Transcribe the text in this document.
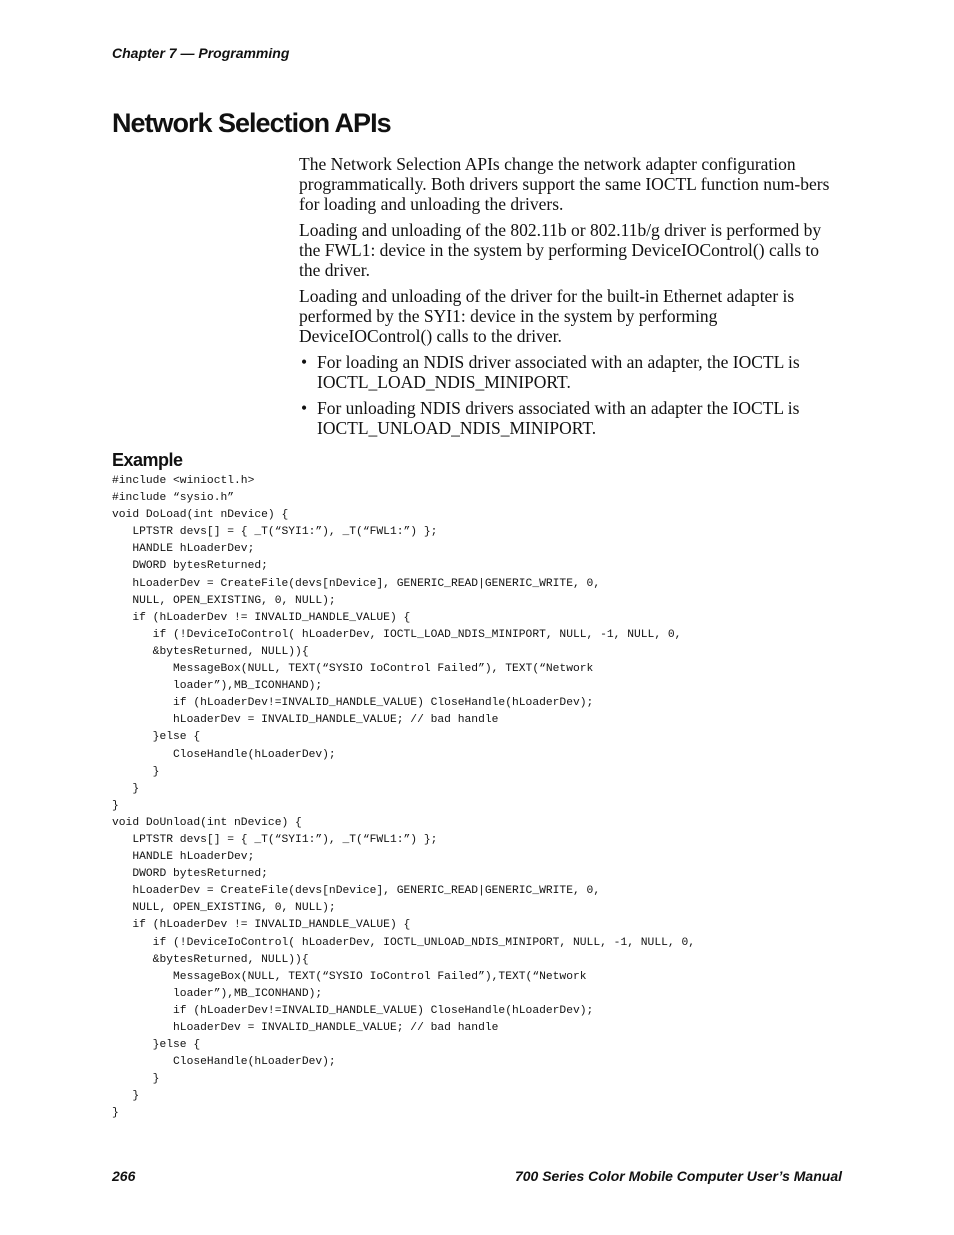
Chapter 7 — Programming
Network Selection APIs

The Network Selection APIs change the network adapter configuration programmatically. Both drivers support the same IOCTL function num-bers for loading and unloading the drivers.

Loading and unloading of the 802.11b or 802.11b/g driver is performed by the FWL1: device in the system by performing DeviceIOControl() calls to the driver.

Loading and unloading of the driver for the built-in Ethernet adapter is performed by the SYI1: device in the system by performing DeviceIOControl() calls to the driver.

• For loading an NDIS driver associated with an adapter, the IOCTL is IOCTL_LOAD_NDIS_MINIPORT.
• For unloading NDIS drivers associated with an adapter the IOCTL is IOCTL_UNLOAD_NDIS_MINIPORT.
Example
#include <winioctl.h>
#include “sysio.h”
void DoLoad(int nDevice) {
LPTSTR devs[] = { _T(“SYI1:”), _T(“FWL1:”) };
HANDLE hLoaderDev;
DWORD bytesReturned;
hLoaderDev = CreateFile(devs[nDevice], GENERIC_READ|GENERIC_WRITE, 0,
NULL, OPEN_EXISTING, 0, NULL);
if (hLoaderDev != INVALID_HANDLE_VALUE) {
if (!DeviceIoControl( hLoaderDev, IOCTL_LOAD_NDIS_MINIPORT, NULL, -1, NULL, 0,
&bytesReturned, NULL)){
MessageBox(NULL, TEXT(“SYSIO IoControl Failed”), TEXT(“Network
loader”),MB_ICONHAND);
if (hLoaderDev!=INVALID_HANDLE_VALUE) CloseHandle(hLoaderDev);
hLoaderDev = INVALID_HANDLE_VALUE; // bad handle
}else {
CloseHandle(hLoaderDev);
}
}
}
void DoUnload(int nDevice) {
LPTSTR devs[] = { _T(“SYI1:”), _T(“FWL1:”) };
HANDLE hLoaderDev;
DWORD bytesReturned;
hLoaderDev = CreateFile(devs[nDevice], GENERIC_READ|GENERIC_WRITE, 0,
NULL, OPEN_EXISTING, 0, NULL);
if (hLoaderDev != INVALID_HANDLE_VALUE) {
if (!DeviceIoControl( hLoaderDev, IOCTL_UNLOAD_NDIS_MINIPORT, NULL, -1, NULL, 0,
&bytesReturned, NULL)){
MessageBox(NULL, TEXT(“SYSIO IoControl Failed”),TEXT(“Network
loader”),MB_ICONHAND);
if (hLoaderDev!=INVALID_HANDLE_VALUE) CloseHandle(hLoaderDev);
hLoaderDev = INVALID_HANDLE_VALUE; // bad handle
}else {
CloseHandle(hLoaderDev);
}
}
}
266	700 Series Color Mobile Computer User’s Manual
